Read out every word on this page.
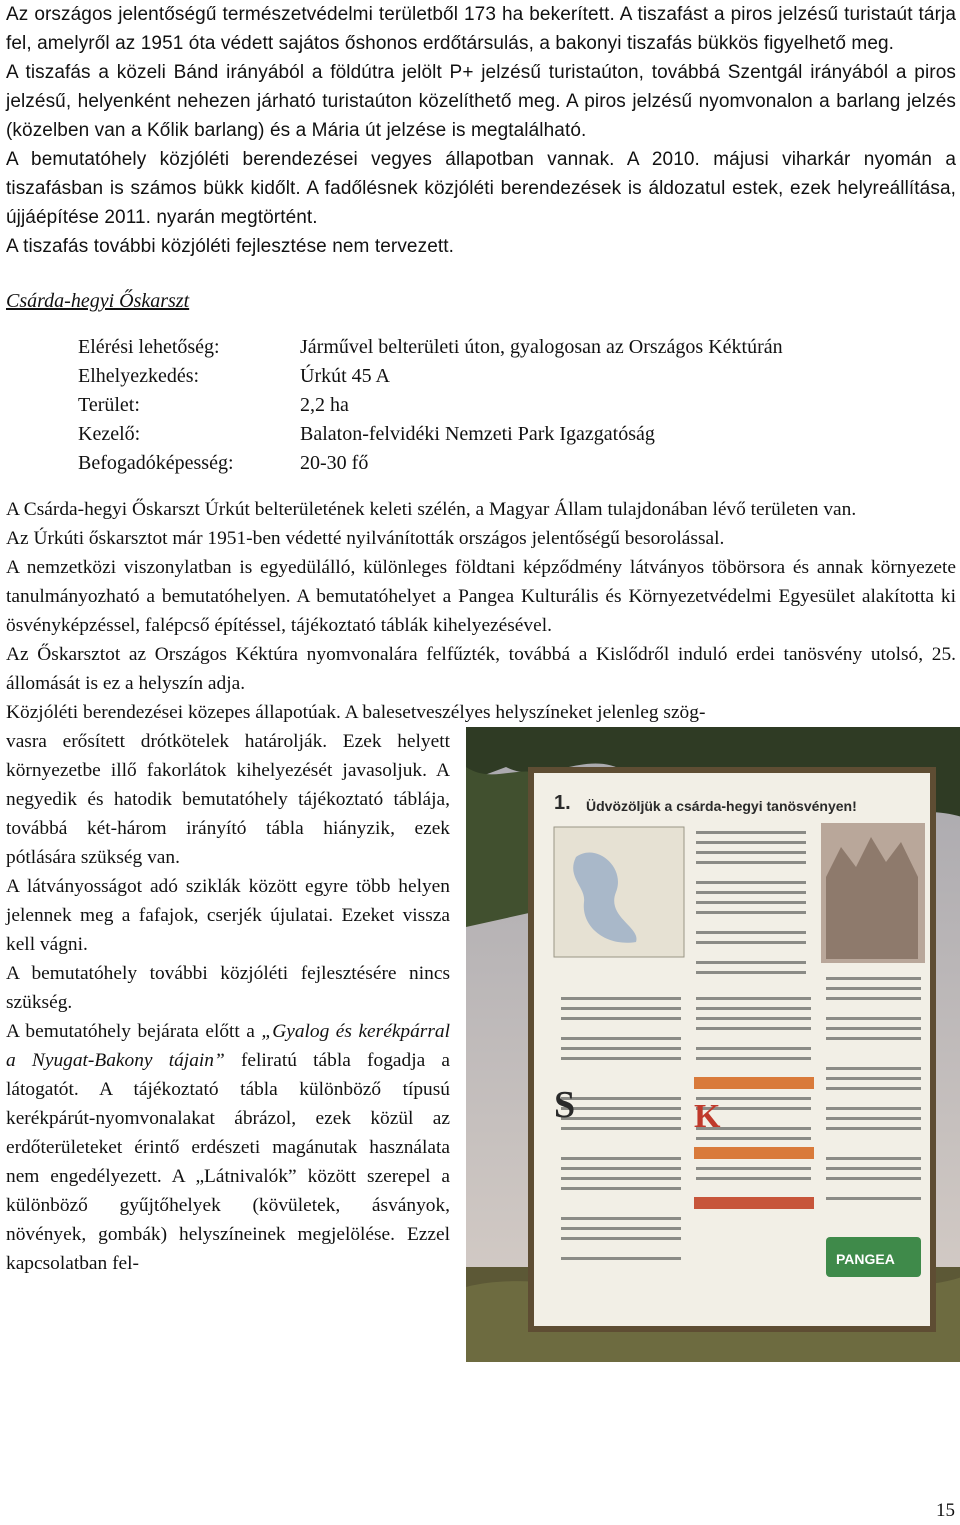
Az országos jelentőségű természetvédelmi területből 173 ha bekerített. A tiszafást a piros jelzésű turistaút tárja fel, amelyről az 1951 óta védett sajátos őshonos erdőtársulás, a bakonyi tiszafás bükkös figyelhető meg.

A tiszafás a közeli Bánd irányából a földútra jelölt P+ jelzésű turistaúton, továbbá Szentgál irányából a piros jelzésű, helyenként nehezen járható turistaúton közelíthető meg. A piros jelzésű nyomvonalon a barlang jelzés (közelben van a Kőlik barlang) és a Mária út jelzése is megtalálható.

A bemutatóhely közjóléti berendezései vegyes állapotban vannak. A 2010. májusi viharkár nyomán a tiszafásban is számos bükk kidőlt. A fadőlésnek közjóléti berendezések is áldozatul estek, ezek helyreállítása, újjáépítése 2011. nyarán megtörtént.

A tiszafás további közjóléti fejlesztése nem tervezett.

Csárda-hegyi Őskarszt
Elérési lehetőség:	Járművel belterületi úton, gyalogosan az Országos Kéktúrán
Elhelyezkedés:	Úrkút 45 A
Terület:	2,2 ha
Kezelő:	Balaton-felvidéki Nemzeti Park Igazgatóság
Befogadóképesség:	20-30 fő

A Csárda-hegyi Őskarszt Úrkút belterületének keleti szélén, a Magyar Állam tulajdonában lévő területen van.

Az Úrkúti őskarsztot már 1951-ben védetté nyilvánították országos jelentőségű besorolással.

A nemzetközi viszonylatban is egyedülálló, különleges földtani képződmény látványos töbörsora és annak környezete tanulmányozható a bemutatóhelyen. A bemutatóhelyet a Pangea Kulturális és Környezetvédelmi Egyesület alakította ki ösvényképzéssel, falépcső építéssel, tájékoztató táblák kihelyezésével.

Az Őskarsztot az Országos Kéktúra nyomvonalára felfűzték, továbbá a Kislődről induló erdei tanösvény utolsó, 25. állomását is ez a helyszín adja.

Közjóléti berendezései közepes állapotúak. A balesetveszélyes helyszíneket jelenleg szög-

1. Üdvözöljük a csárda-hegyi tanösvényen!
S	K
PANGEA

vasra erősített drótkötelek határolják. Ezek helyett környezetbe illő fakorlátok kihelyezését javasoljuk. A negyedik és hatodik bemutatóhely tájékoztató táblája, továbbá két-három irányító tábla hiányzik, ezek pótlására szükség van.

A látványosságot adó sziklák között egyre több helyen jelennek meg a fafajok, cserjék újulatai. Ezeket vissza kell vágni.

A bemutatóhely további közjóléti fejlesztésére nincs szükség.

A bemutatóhely bejárata előtt a „Gyalog és kerékpárral a Nyugat-Bakony tájain” feliratú tábla fogadja a látogatót. A tájékoztató tábla különböző típusú kerékpárút-nyomvonalakat ábrázol, ezek közül az erdőterületeket érintő erdészeti magánutak használata nem engedélyezett. A „Látnivalók” között szerepel a különböző gyűjtőhelyek (kövületek, ásványok, növények, gombák) helyszíneinek megjelölése. Ezzel kapcsolatban fel-

15
